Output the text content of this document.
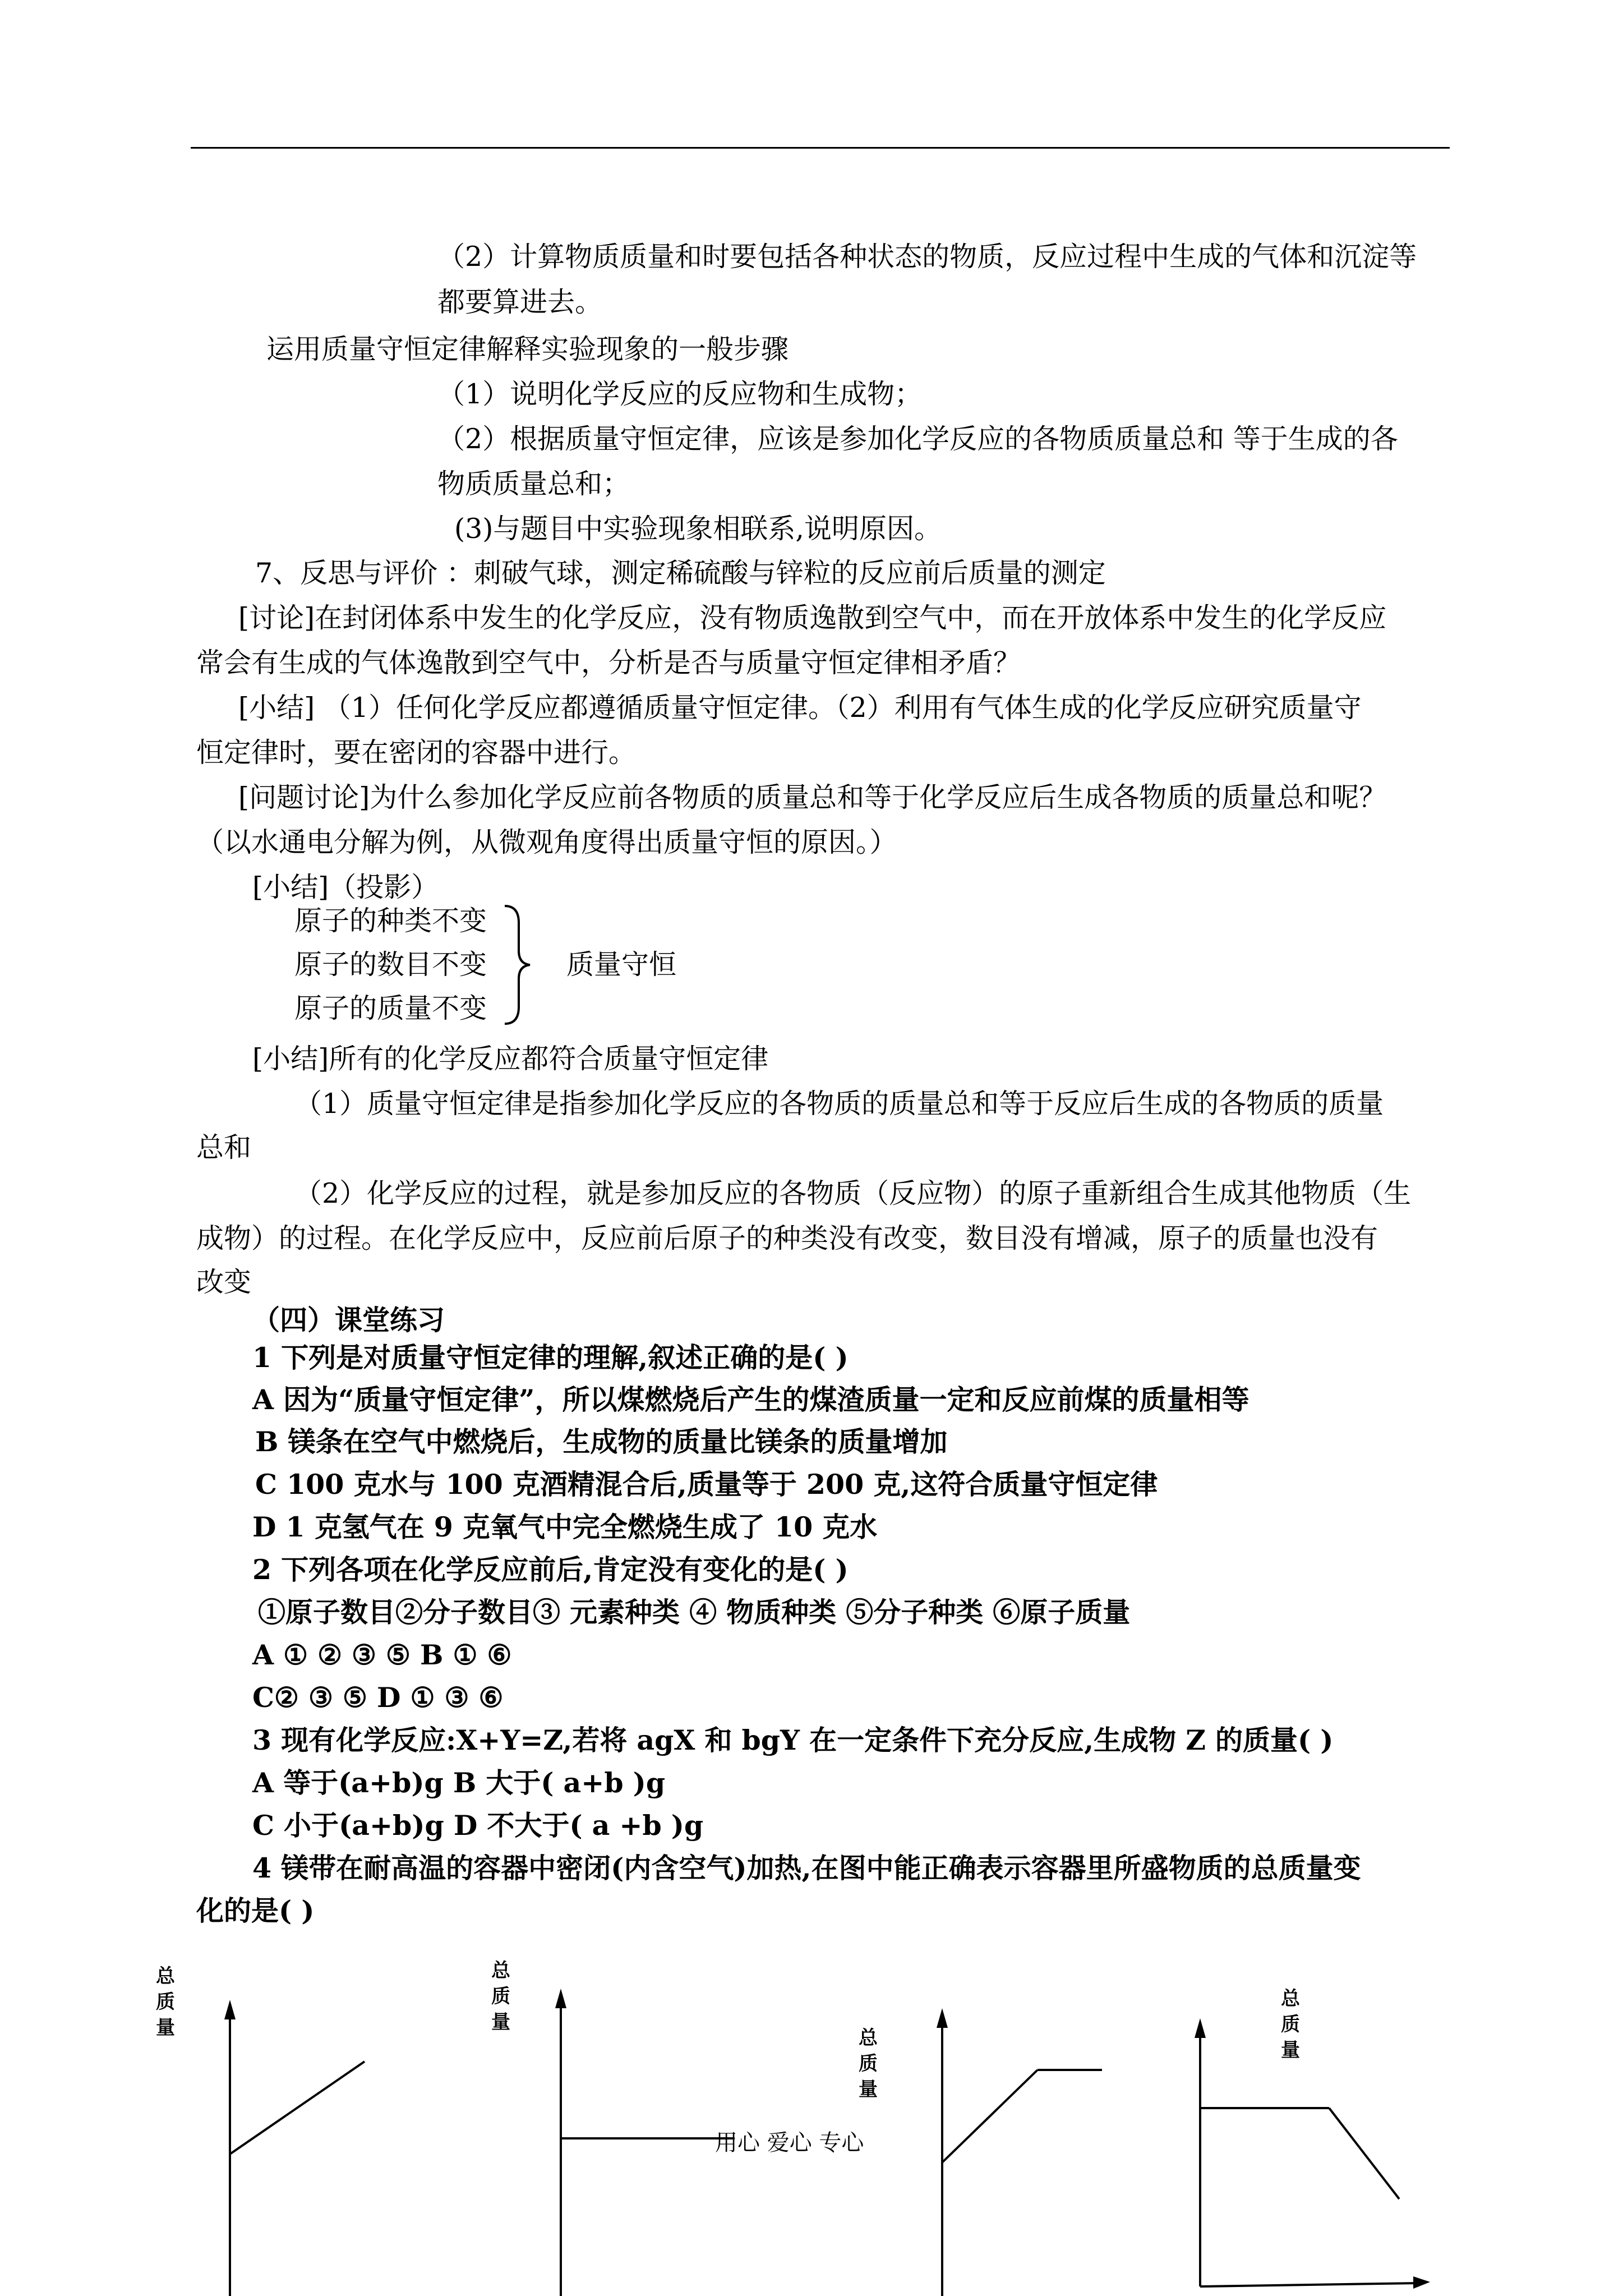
（2）计算物质质量和时要包括各种状态的物质，反应过程中生成的气体和沉淀等
都要算进去。
运用质量守恒定律解释实验现象的一般步骤
（1）说明化学反应的反应物和生成物；
（2）根据质量守恒定律，应该是参加化学反应的各物质质量总和 等于生成的各
物质质量总和；
(3)与题目中实验现象相联系,说明原因。
7、反思与评价 ：刺破气球，测定稀硫酸与锌粒的反应前后质量的测定
[讨论]在封闭体系中发生的化学反应，没有物质逸散到空气中，而在开放体系中发生的化学反应
常会有生成的气体逸散到空气中，分析是否与质量守恒定律相矛盾？
[小结] （1）任何化学反应都遵循质量守恒定律。（2）利用有气体生成的化学反应研究质量守
恒定律时，要在密闭的容器中进行。
[问题讨论]为什么参加化学反应前各物质的质量总和等于化学反应后生成各物质的质量总和呢？
（以水通电分解为例，从微观角度得出质量守恒的原因。）
[小结]（投影）
原子的种类不变
原子的数目不变
原子的质量不变
质量守恒
[小结]所有的化学反应都符合质量守恒定律
（1）质量守恒定律是指参加化学反应的各物质的质量总和等于反应后生成的各物质的质量
总和
（2）化学反应的过程，就是参加反应的各物质（反应物）的原子重新组合生成其他物质（生
成物）的过程。在化学反应中，反应前后原子的种类没有改变，数目没有增减，原子的质量也没有
改变
（四）课堂练习
1 下列是对质量守恒定律的理解,叙述正确的是( )
A 因为“质量守恒定律”，所以煤燃烧后产生的煤渣质量一定和反应前煤的质量相等
B 镁条在空气中燃烧后，生成物的质量比镁条的质量增加
C 100 克水与 100 克酒精混合后,质量等于 200 克,这符合质量守恒定律
D 1 克氢气在 9 克氧气中完全燃烧生成了 10 克水
2 下列各项在化学反应前后,肯定没有变化的是( )
①原子数目②分子数目③ 元素种类 ④ 物质种类 ⑤分子种类 ⑥原子质量
A ① ② ③ ⑤ B ① ⑥
C② ③ ⑤ D ① ③ ⑥
3 现有化学反应:X+Y=Z,若将 agX 和 bgY 在一定条件下充分反应,生成物 Z 的质量( )
A 等于(a+b)g B 大于( a+b )g
C 小于(a+b)g D 不大于( a +b )g
4 镁带在耐高温的容器中密闭(内含空气)加热,在图中能正确表示容器里所盛物质的总质量变
化的是( )
总质量
总质量
用心 爱心 专心
总质量
总质量
